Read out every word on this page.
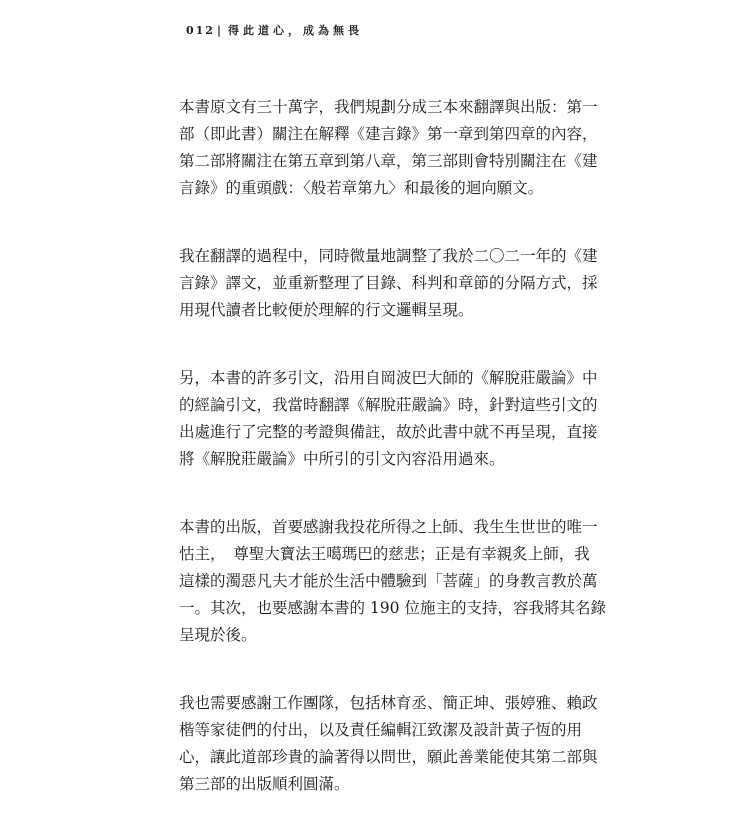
012 | 得此道心，成為無畏
本書原文有三十萬字，我們規劃分成三本來翻譯與出版：第一
部（即此書）關注在解釋《建言錄》第一章到第四章的內容，
第二部將關注在第五章到第八章，第三部則會特別關注在《建
言錄》的重頭戲：〈般若章第九〉和最後的迴向願文。
我在翻譯的過程中，同時微量地調整了我於二〇二一年的《建
言錄》譯文，並重新整理了目錄、科判和章節的分隔方式，採
用現代讀者比較便於理解的行文邏輯呈現。
另，本書的許多引文，沿用自岡波巴大師的《解脫莊嚴論》中
的經論引文，我當時翻譯《解脫莊嚴論》時，針對這些引文的
出處進行了完整的考證與備註，故於此書中就不再呈現，直接
將《解脫莊嚴論》中所引的引文內容沿用過來。
本書的出版，首要感謝我投花所得之上師、我生生世世的唯一
怙主，　尊聖大寶法王噶瑪巴的慈悲；正是有幸親炙上師，我
這樣的濁惡凡夫才能於生活中體驗到「菩薩」的身教言教於萬
一。其次，也要感謝本書的 190 位施主的支持，容我將其名錄
呈現於後。
我也需要感謝工作團隊，包括林育丞、簡正坤、張婷雅、賴政
楷等家徒們的付出，以及責任編輯江致潔及設計黃子恆的用
心，讓此道部珍貴的論著得以問世，願此善業能使其第二部與
第三部的出版順利圓滿。
